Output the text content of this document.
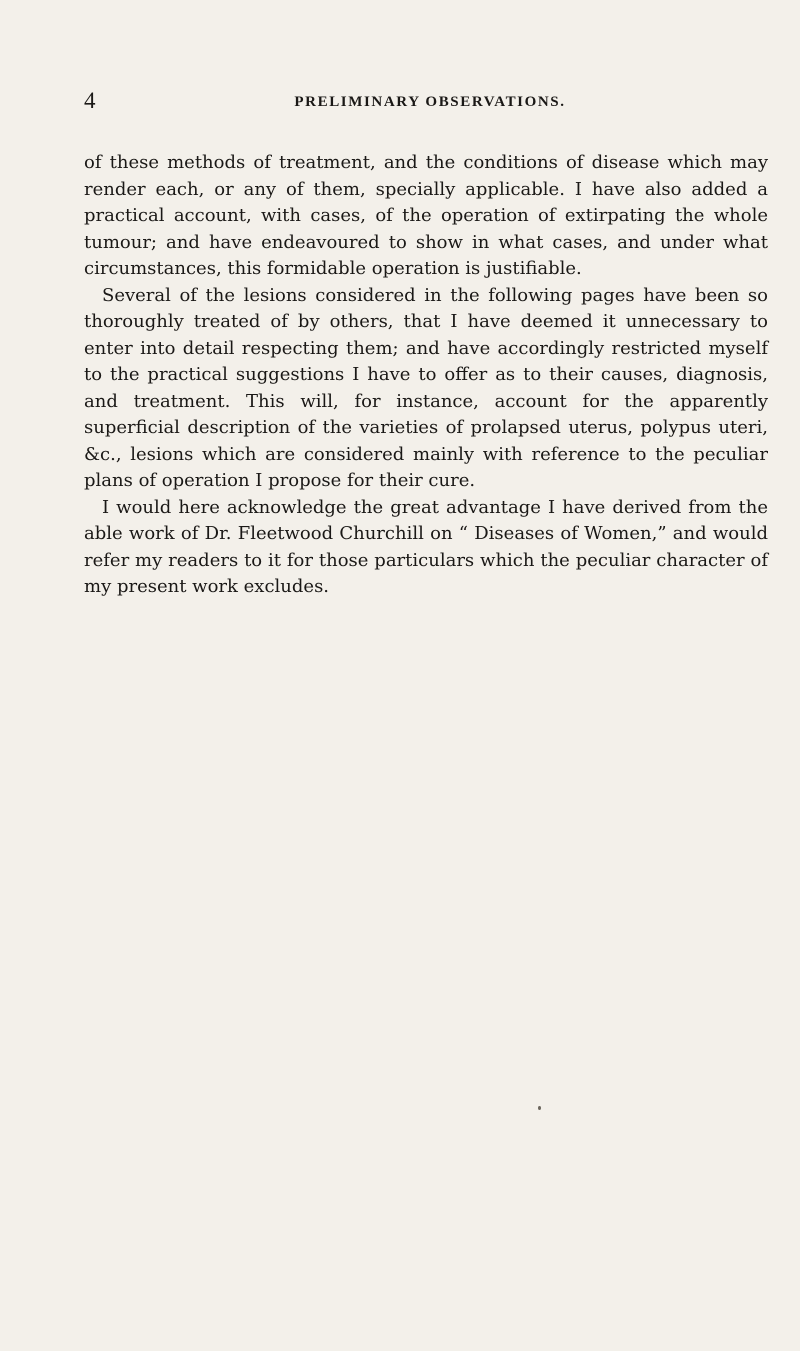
4	PRELIMINARY OBSERVATIONS.

of these methods of treatment, and the conditions of disease which may render each, or any of them, specially applicable. I have also added a practical account, with cases, of the operation of extirpating the whole tumour; and have endeavoured to show in what cases, and under what circumstances, this formidable operation is justifiable.

Several of the lesions considered in the following pages have been so thoroughly treated of by others, that I have deemed it unnecessary to enter into detail respecting them; and have accordingly restricted myself to the practical suggestions I have to offer as to their causes, diagnosis, and treatment. This will, for instance, account for the apparently superficial description of the varieties of prolapsed uterus, polypus uteri, &c., lesions which are considered mainly with reference to the peculiar plans of operation I propose for their cure.

I would here acknowledge the great advantage I have derived from the able work of Dr. Fleetwood Churchill on “ Diseases of Women,” and would refer my readers to it for those particulars which the peculiar character of my present work excludes.
